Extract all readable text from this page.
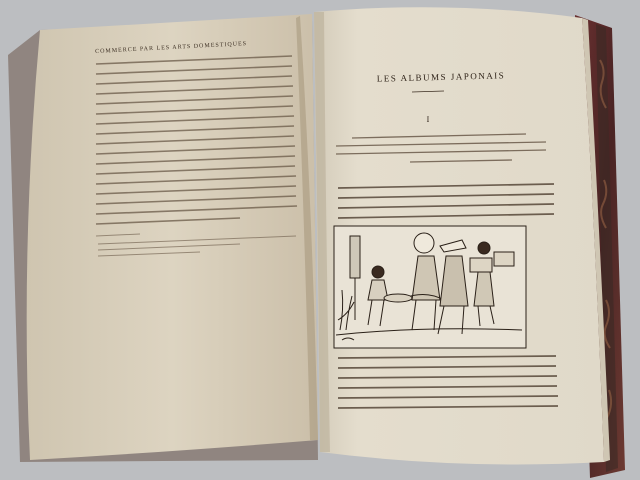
COMMERCE PAR LES ARTS DOMESTIQUES
LES ALBUMS JAPONAIS
I
